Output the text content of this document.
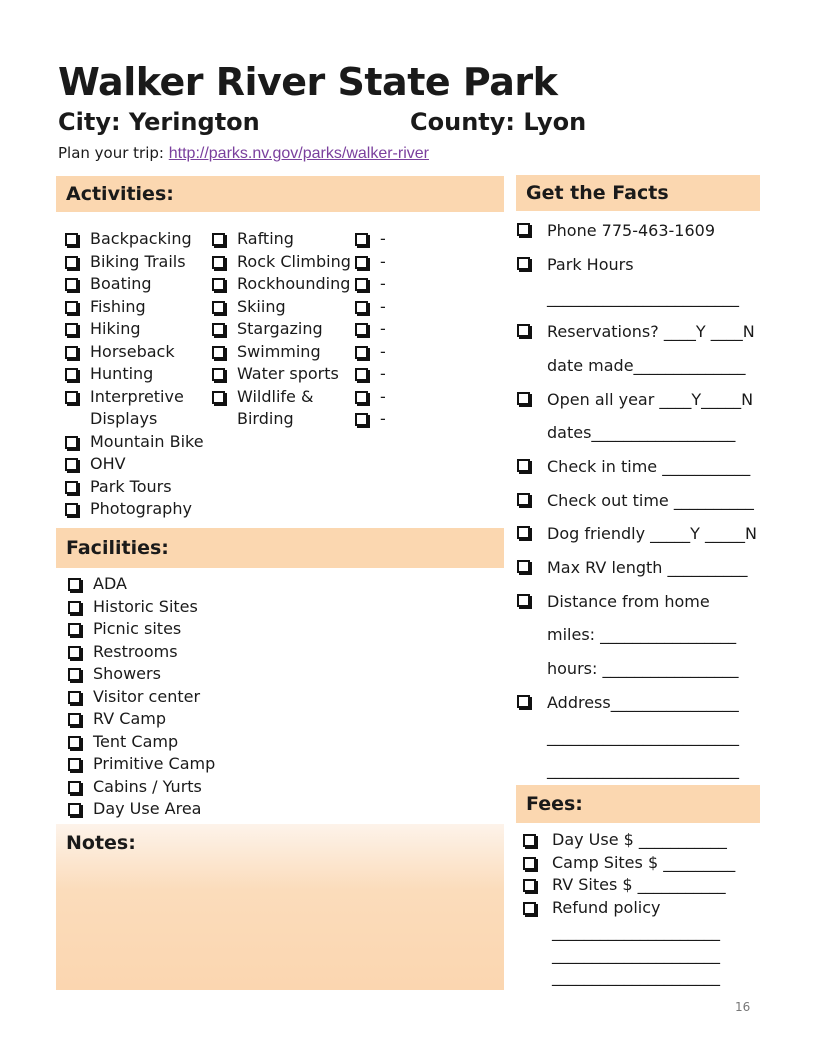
Walker River State Park
City: Yerington	County: Lyon
Plan your trip: http://parks.nv.gov/parks/walker-river
Activities:
Backpacking
Biking Trails
Boating
Fishing
Hiking
Horseback
Hunting
Interpretive
Displays
Mountain Bike
OHV
Park Tours
Photography
Rafting
Rock Climbing
Rockhounding
Skiing
Stargazing
Swimming
Water sports
Wildlife &
Birding
-
-
-
-
-
-
-
-
-
Facilities:
ADA
Historic Sites
Picnic sites
Restrooms
Showers
Visitor center
RV Camp
Tent Camp
Primitive Camp
Cabins / Yurts
Day Use Area
Notes:
Get the Facts
Phone 775-463-1609
Park Hours
________________________
Reservations? ____Y ____N
date made______________
Open all year ____Y_____N
dates__________________
Check in time ___________
Check out time __________
Dog friendly _____Y _____N
Max RV length __________
Distance from home
miles: _________________
hours: _________________
Address________________
________________________
________________________
Fees:
Day Use $ ___________
Camp Sites $ _________
RV Sites $ ___________
Refund policy
_____________________
_____________________
_____________________
16
